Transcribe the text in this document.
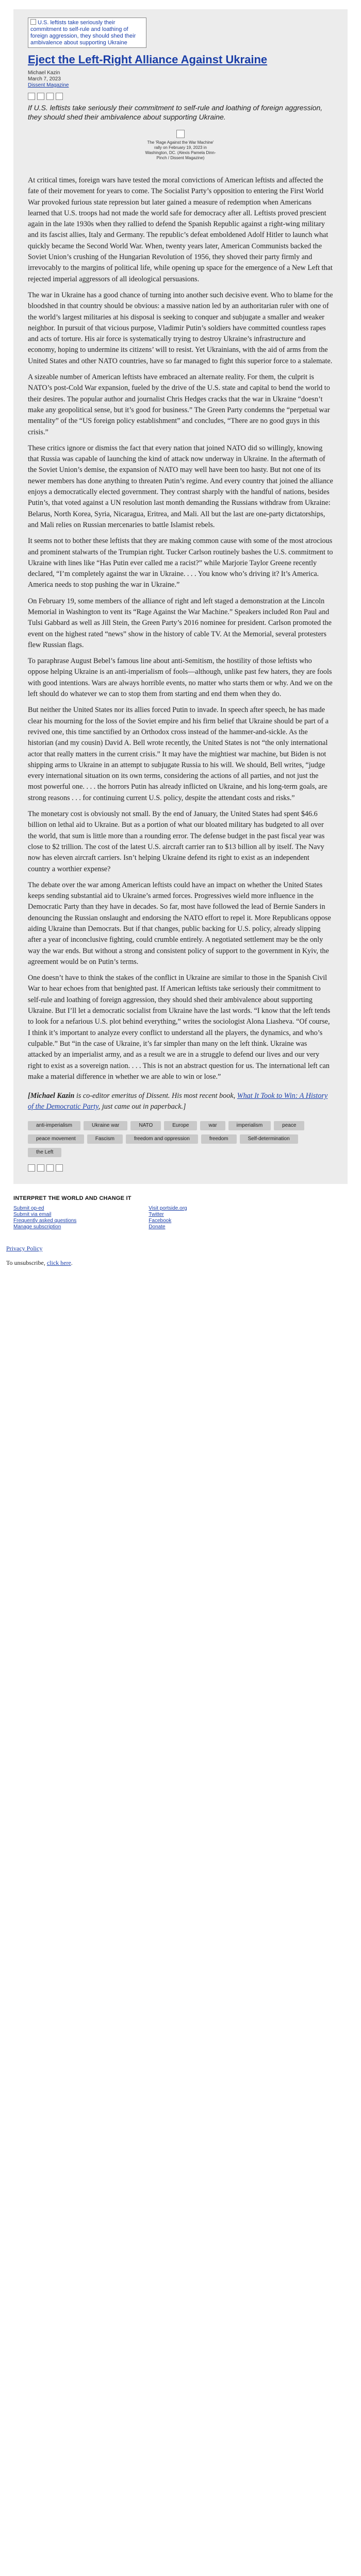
U.S. leftists take seriously their commitment to self-rule and loathing of foreign aggression, they should shed their ambivalence about supporting Ukraine
Eject the Left-Right Alliance Against Ukraine

Michael Kazin

March 7, 2023

Dissent Magazine

If U.S. leftists take seriously their commitment to self-rule and loathing of foreign aggression, they should shed their ambivalence about supporting Ukraine.

The 'Rage Against the War Machine' rally on February 19, 2023 in Washington, DC. (Alexis Pamela Dinn-Pinch / Dissent Magazine)

At critical times, foreign wars have tested the moral convictions of American leftists and affected the fate of their movement for years to come. The Socialist Party’s opposition to entering the First World War provoked furious state repression but later gained a measure of redemption when Americans learned that U.S. troops had not made the world safe for democracy after all. Leftists proved prescient again in the late 1930s when they rallied to defend the Spanish Republic against a right-wing military and its fascist allies, Italy and Germany. The republic’s defeat emboldened Adolf Hitler to launch what quickly became the Second World War. When, twenty years later, American Communists backed the Soviet Union’s crushing of the Hungarian Revolution of 1956, they shoved their party firmly and irrevocably to the margins of political life, while opening up space for the emergence of a New Left that rejected imperial aggressors of all ideological persuasions.

The war in Ukraine has a good chance of turning into another such decisive event. Who to blame for the bloodshed in that country should be obvious: a massive nation led by an authoritarian ruler with one of the world’s largest militaries at his disposal is seeking to conquer and subjugate a smaller and weaker neighbor. In pursuit of that vicious purpose, Vladimir Putin’s soldiers have committed countless rapes and acts of torture. His air force is systematically trying to destroy Ukraine’s infrastructure and economy, hoping to undermine its citizens’ will to resist. Yet Ukrainians, with the aid of arms from the United States and other NATO countries, have so far managed to fight this superior force to a stalemate.

A sizeable number of American leftists have embraced an alternate reality. For them, the culprit is NATO’s post-Cold War expansion, fueled by the drive of the U.S. state and capital to bend the world to their desires. The popular author and journalist Chris Hedges cracks that the war in Ukraine “doesn’t make any geopolitical sense, but it’s good for business.” The Green Party condemns the “perpetual war mentality” of the “US foreign policy establishment” and concludes, “There are no good guys in this crisis.”

These critics ignore or dismiss the fact that every nation that joined NATO did so willingly, knowing that Russia was capable of launching the kind of attack now underway in Ukraine. In the aftermath of the Soviet Union’s demise, the expansion of NATO may well have been too hasty. But not one of its newer members has done anything to threaten Putin’s regime. And every country that joined the alliance enjoys a democratically elected government. They contrast sharply with the handful of nations, besides Putin’s, that voted against a UN resolution last month demanding the Russians withdraw from Ukraine: Belarus, North Korea, Syria, Nicaragua, Eritrea, and Mali. All but the last are one-party dictatorships, and Mali relies on Russian mercenaries to battle Islamist rebels.

It seems not to bother these leftists that they are making common cause with some of the most atrocious and prominent stalwarts of the Trumpian right. Tucker Carlson routinely bashes the U.S. commitment to Ukraine with lines like “Has Putin ever called me a racist?” while Marjorie Taylor Greene recently declared, “I’m completely against the war in Ukraine. . . . You know who’s driving it? It’s America. America needs to stop pushing the war in Ukraine.”

On February 19, some members of the alliance of right and left staged a demonstration at the Lincoln Memorial in Washington to vent its “Rage Against the War Machine.” Speakers included Ron Paul and Tulsi Gabbard as well as Jill Stein, the Green Party’s 2016 nominee for president. Carlson promoted the event on the highest rated “news” show in the history of cable TV. At the Memorial, several protesters flew Russian flags.

To paraphrase August Bebel’s famous line about anti-Semitism, the hostility of those leftists who oppose helping Ukraine is an anti-imperialism of fools—although, unlike past few haters, they are fools with good intentions. Wars are always horrible events, no matter who starts them or why. And we on the left should do whatever we can to stop them from starting and end them when they do.

But neither the United States nor its allies forced Putin to invade. In speech after speech, he has made clear his mourning for the loss of the Soviet empire and his firm belief that Ukraine should be part of a revived one, this time sanctified by an Orthodox cross instead of the hammer-and-sickle. As the historian (and my cousin) David A. Bell wrote recently, the United States is not “the only international actor that really matters in the current crisis.” It may have the mightiest war machine, but Biden is not shipping arms to Ukraine in an attempt to subjugate Russia to his will. We should, Bell writes, “judge every international situation on its own terms, considering the actions of all parties, and not just the most powerful one. . . . the horrors Putin has already inflicted on Ukraine, and his long-term goals, are strong reasons . . . for continuing current U.S. policy, despite the attendant costs and risks.”

The monetary cost is obviously not small. By the end of January, the United States had spent $46.6 billion on lethal aid to Ukraine. But as a portion of what our bloated military has budgeted to all over the world, that sum is little more than a rounding error. The defense budget in the past fiscal year was close to $2 trillion. The cost of the latest U.S. aircraft carrier ran to $13 billion all by itself. The Navy now has eleven aircraft carriers. Isn’t helping Ukraine defend its right to exist as an independent country a worthier expense?

The debate over the war among American leftists could have an impact on whether the United States keeps sending substantial aid to Ukraine’s armed forces. Progressives wield more influence in the Democratic Party than they have in decades. So far, most have followed the lead of Bernie Sanders in denouncing the Russian onslaught and endorsing the NATO effort to repel it. More Republicans oppose aiding Ukraine than Democrats. But if that changes, public backing for U.S. policy, already slipping after a year of inconclusive fighting, could crumble entirely. A negotiated settlement may be the only way the war ends. But without a strong and consistent policy of support to the government in Kyiv, the agreement would be on Putin’s terms.

One doesn’t have to think the stakes of the conflict in Ukraine are similar to those in the Spanish Civil War to hear echoes from that benighted past. If American leftists take seriously their commitment to self-rule and loathing of foreign aggression, they should shed their ambivalence about supporting Ukraine. But I’ll let a democratic socialist from Ukraine have the last words. “I know that the left tends to look for a nefarious U.S. plot behind everything,” writes the sociologist Alona Liasheva. “Of course, I think it’s important to analyze every conflict to understand all the players, the dynamics, and who’s culpable.” But “in the case of Ukraine, it’s far simpler than many on the left think. Ukraine was attacked by an imperialist army, and as a result we are in a struggle to defend our lives and our very right to exist as a sovereign nation. . . . This is not an abstract question for us. The international left can make a material difference in whether we are able to win or lose.”

[Michael Kazin is co-editor emeritus of Dissent. His most recent book, What It Took to Win: A History of the Democratic Party, just came out in paperback.]

anti-imperialism	Ukraine war	NATO	Europe	war	imperialism	peacepeace movement	Fascism	freedom and oppression	freedom	Self-determinationthe Left
INTERPRET THE WORLD AND CHANGE IT
Submit op-ed
Submit via email
Frequently asked questions
Manage subscription
Visit portside.org
Twitter
Facebook
Donate
Privacy Policy
To unsubscribe, click here.
